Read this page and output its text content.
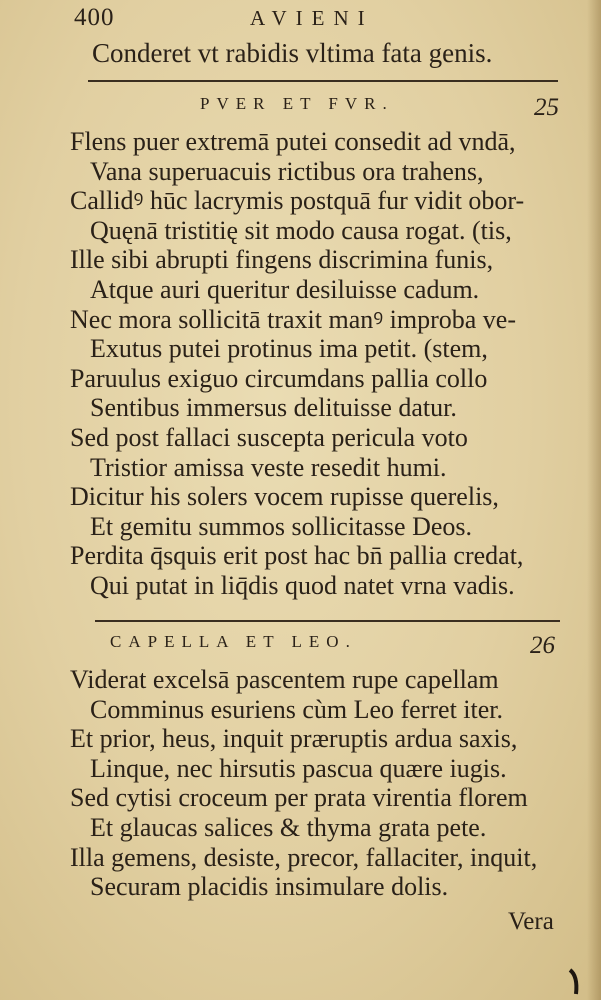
400	AVIENI
Conderet vt rabidis vltima fata genis.
PVER ET FVR.	25
Flens puer extremā putei consedit ad vndā,
Vana superuacuis rictibus ora trahens,
Callidꝰ hūc lacrymis postquā fur vidit obor-
Quęnā tristitię sit modo causa rogat. (tis,
Ille sibi abrupti fingens discrimina funis,
Atque auri queritur desiluisse cadum.
Nec mora sollicitā traxit manꝰ improba ve-
Exutus putei protinus ima petit. (stem,
Paruulus exiguo circumdans pallia collo
Sentibus immersus delituisse datur.
Sed post fallaci suscepta pericula voto
Tristior amissa veste resedit humi.
Dicitur his solers vocem rupisse querelis,
Et gemitu summos sollicitasse Deos.
Perdita q̄squis erit post hac bn̄ pallia credat,
Qui putat in liq̄dis quod natet vrna vadis.
CAPELLA ET LEO.	26
Viderat excelsā pascentem rupe capellam
Comminus esuriens cùm Leo ferret iter.
Et prior, heus, inquit præruptis ardua saxis,
Linque, nec hirsutis pascua quære iugis.
Sed cytisi croceum per prata virentia florem
Et glaucas salices & thyma grata pete.
Illa gemens, desiste, precor, fallaciter, inquit,
Securam placidis insimulare dolis.
Vera
